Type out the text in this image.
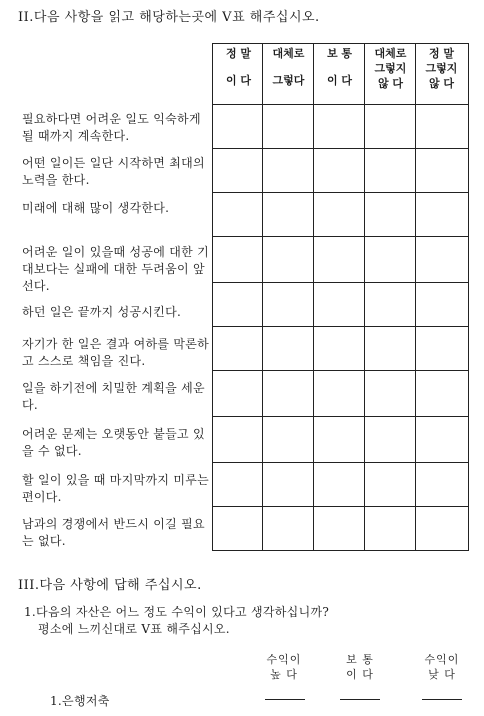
II.다음 사항을 읽고 해당하는곳에 V표 해주십시오.
정 말
이 다
대체로
그렇다
보 통
이 다
대체로
그렇지
않 다
정 말
그렇지
않 다
필요하다면 어려운 일도 익숙하게 될 때까지 계속한다.
어떤 일이든 일단 시작하면 최대의 노력을 한다.
미래에 대해 많이 생각한다.
어려운 일이 있을때 성공에 대한 기대보다는 실패에 대한 두려움이 앞선다.
하던 일은 끝까지 성공시킨다.
자기가 한 일은 결과 여하를 막론하고 스스로 책임을 진다.
일을 하기전에 치밀한 계획을 세운다.
어려운 문제는 오랫동안 붙들고 있을 수 없다.
할 일이 있을 때 마지막까지 미루는 편이다.
남과의 경쟁에서 반드시 이길 필요는 없다.
III.다음 사항에 답해 주십시오.
1.다음의 자산은 어느 정도 수익이 있다고 생각하십니까?
평소에 느끼신대로 V표 해주십시오.
수익이
높 다
보 통
이 다
수익이
낮 다
1.은행저축
